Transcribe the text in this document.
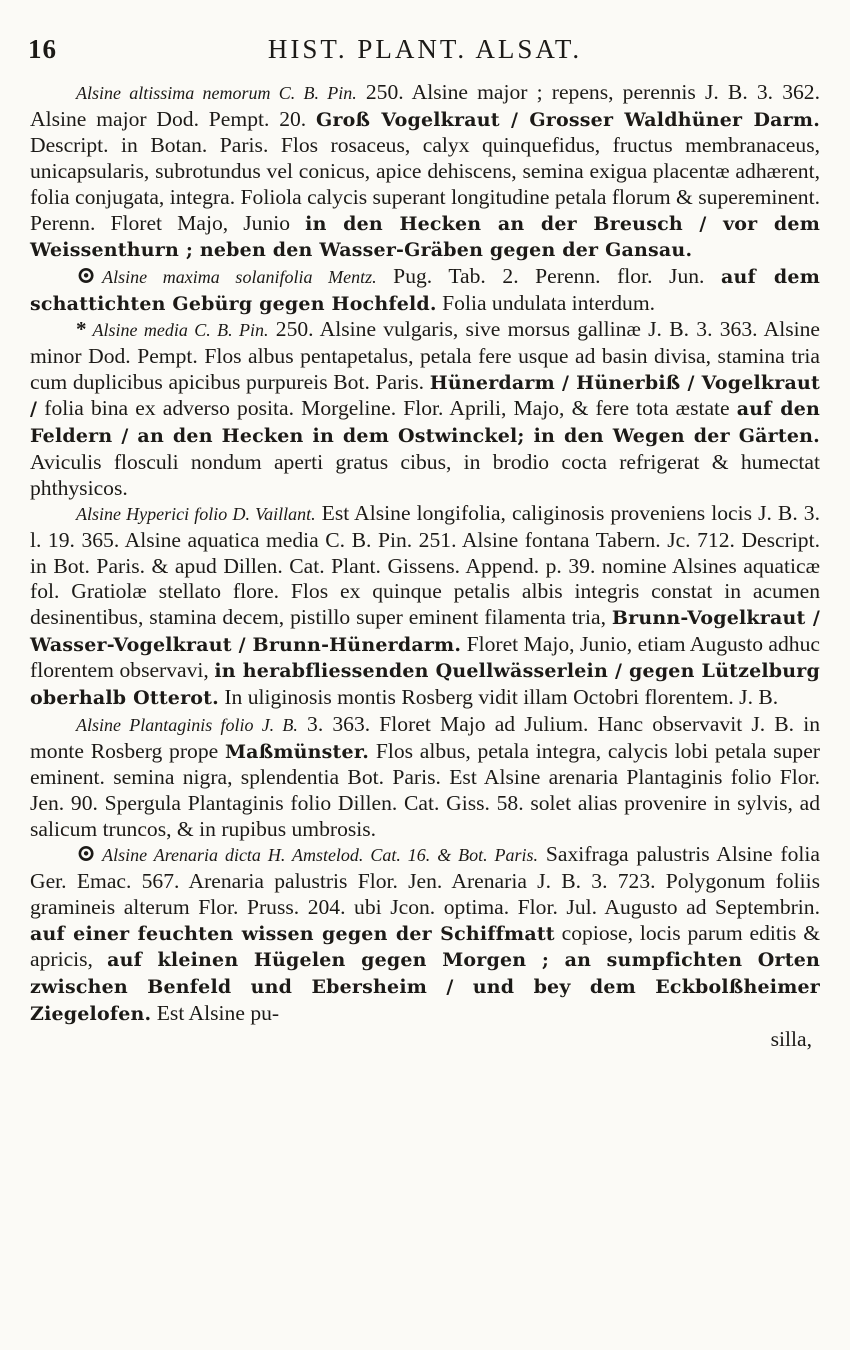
16	HIST. PLANT. ALSAT.

Alsine altissima nemorum C. B. Pin. 250. Alsine major ; repens, perennis J. B. 3. 362. Alsine major Dod. Pempt. 20. Groß Vogelkraut / Grosser Waldhüner Darm. Descript. in Botan. Paris. Flos rosaceus, calyx quinquefidus, fructus membranaceus, unicapsularis, subrotundus vel conicus, apice dehiscens, semina exigua placentæ adhærent, folia conjugata, integra. Foliola calycis superant longitudine petala florum & supereminent. Perenn. Floret Majo, Junio in den Hecken an der Breusch / vor dem Weissenthurn ; neben den Wasser-Gräben gegen der Gansau.

⊙ Alsine maxima solanifolia Mentz. Pug. Tab. 2. Perenn. flor. Jun. auf dem schattichten Gebürg gegen Hochfeld. Folia undulata interdum.

* Alsine media C. B. Pin. 250. Alsine vulgaris, sive morsus gallinæ J. B. 3. 363. Alsine minor Dod. Pempt. Flos albus pentapetalus, petala fere usque ad basin divisa, stamina tria cum duplicibus apicibus purpureis Bot. Paris. Hünerdarm / Hünerbiß / Vogelkraut / folia bina ex adverso posita. Morgeline. Flor. Aprili, Majo, & fere tota æstate auf den Feldern / an den Hecken in dem Ostwinckel; in den Wegen der Gärten. Aviculis flosculi nondum aperti gratus cibus, in brodio cocta refrigerat & humectat phthysicos.

Alsine Hyperici folio D. Vaillant. Est Alsine longifolia, caliginosis proveniens locis J. B. 3. l. 19. 365. Alsine aquatica media C. B. Pin. 251. Alsine fontana Tabern. Jc. 712. Descript. in Bot. Paris. & apud Dillen. Cat. Plant. Gissens. Append. p. 39. nomine Alsines aquaticæ fol. Gratiolæ stellato flore. Flos ex quinque petalis albis integris constat in acumen desinentibus, stamina decem, pistillo super eminent filamenta tria, Brunn-Vogelkraut / Wasser-Vogelkraut / Brunn-Hünerdarm. Floret Majo, Junio, etiam Augusto adhuc florentem observavi, in herabfliessenden Quellwässerlein / gegen Lützelburg oberhalb Otterot. In uliginosis montis Rosberg vidit illam Octobri florentem. J. B.

Alsine Plantaginis folio J. B. 3. 363. Floret Majo ad Julium. Hanc observavit J. B. in monte Rosberg prope Maßmünster. Flos albus, petala integra, calycis lobi petala super eminent. semina nigra, splendentia Bot. Paris. Est Alsine arenaria Plantaginis folio Flor. Jen. 90. Spergula Plantaginis folio Dillen. Cat. Giss. 58. solet alias provenire in sylvis, ad salicum truncos, & in rupibus umbrosis.

⊙ Alsine Arenaria dicta H. Amstelod. Cat. 16. & Bot. Paris. Saxifraga palustris Alsine folia Ger. Emac. 567. Arenaria palustris Flor. Jen. Arenaria J. B. 3. 723. Polygonum foliis gramineis alterum Flor. Pruss. 204. ubi Jcon. optima. Flor. Jul. Augusto ad Septembrin. auf einer feuchten wissen gegen der Schiffmatt copiose, locis parum editis & apricis, auf kleinen Hügelen gegen Morgen ; an sumpfichten Orten zwischen Benfeld und Ebersheim / und bey dem Eckbolßheimer Ziegelofen. Est Alsine pu-

silla,
